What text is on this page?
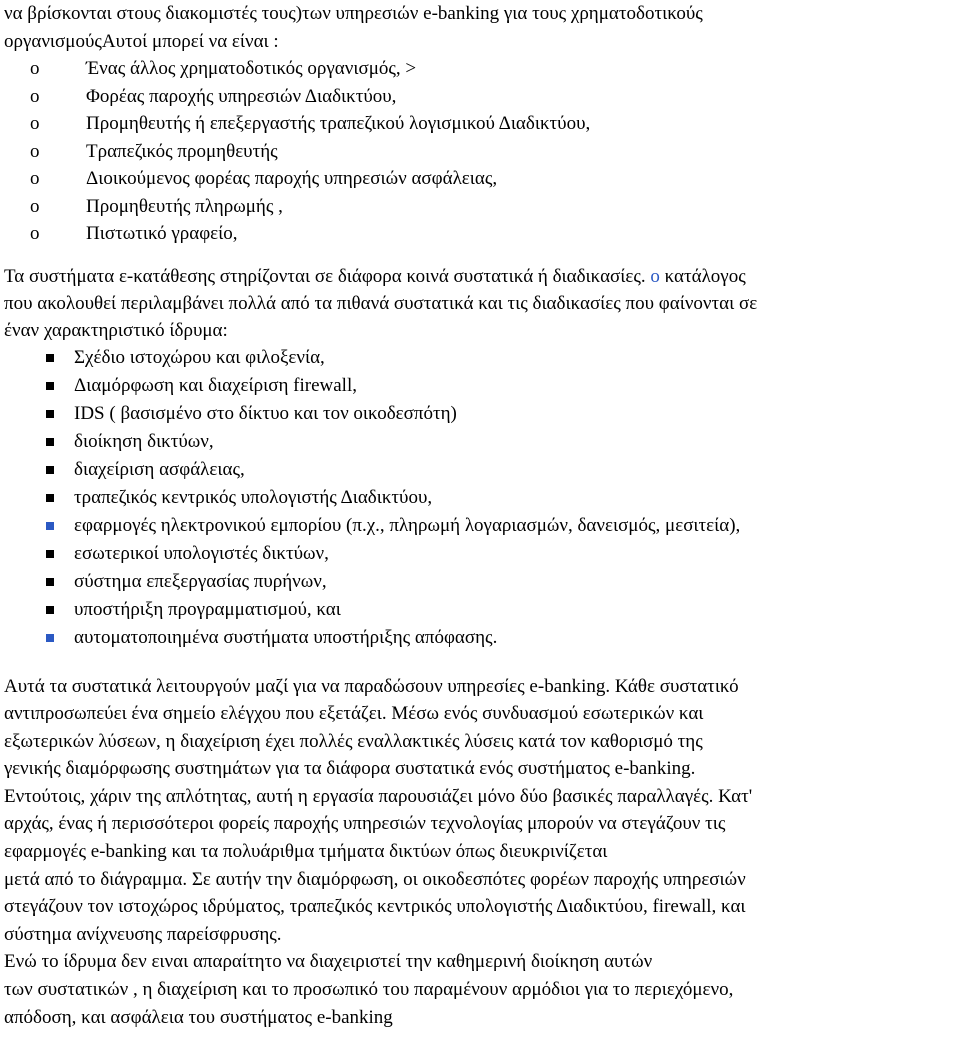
να βρίσκονται στους διακομιστές τους)των υπηρεσιών e-banking για τους χρηματοδοτικούς
οργανισμούςΑυτοί μπορεί να είναι :
o Ένας άλλος χρηματοδοτικός οργανισμός, >
o Φορέας παροχής υπηρεσιών Διαδικτύου,
o Προμηθευτής ή επεξεργαστής τραπεζικού λογισμικού Διαδικτύου,
o Τραπεζικός προμηθευτής
o Διοικούμενος φορέας παροχής υπηρεσιών ασφάλειας,
o Προμηθευτής πληρωμής ,
o Πιστωτικό γραφείο,
Τα συστήματα ε-κατάθεσης στηρίζονται σε διάφορα κοινά συστατικά ή διαδικασίες. ο κατάλογος
που ακολουθεί περιλαμβάνει πολλά από τα πιθανά συστατικά και τις διαδικασίες που φαίνονται σε
έναν χαρακτηριστικό ίδρυμα:
Σχέδιο ιστοχώρου και φιλοξενία,
Διαμόρφωση και διαχείριση firewall,
IDS ( βασισμένο στο δίκτυο και τον οικοδεσπότη)
διοίκηση δικτύων,
διαχείριση ασφάλειας,
τραπεζικός κεντρικός υπολογιστής Διαδικτύου,
εφαρμογές ηλεκτρονικού εμπορίου (π.χ., πληρωμή λογαριασμών, δανεισμός, μεσιτεία),
εσωτερικοί υπολογιστές δικτύων,
σύστημα επεξεργασίας πυρήνων,
υποστήριξη προγραμματισμού, και
αυτοματοποιημένα συστήματα υποστήριξης απόφασης.
Αυτά τα συστατικά λειτουργούν μαζί για να παραδώσουν υπηρεσίες e-banking. Κάθε συστατικό
αντιπροσωπεύει ένα σημείο ελέγχου που εξετάζει. Μέσω ενός συνδυασμού εσωτερικών και
εξωτερικών λύσεων, η διαχείριση έχει πολλές εναλλακτικές λύσεις κατά τον καθορισμό της
γενικής διαμόρφωσης συστημάτων για τα διάφορα συστατικά ενός συστήματος e-banking.
Εντούτοις, χάριν της απλότητας, αυτή η εργασία παρουσιάζει μόνο δύο βασικές παραλλαγές. Κατ'
αρχάς, ένας ή περισσότεροι φορείς παροχής υπηρεσιών τεχνολογίας μπορούν να στεγάζουν τις
εφαρμογές e-banking και τα πολυάριθμα τμήματα δικτύων όπως διευκρινίζεται
μετά από το διάγραμμα. Σε αυτήν την διαμόρφωση, οι οικοδεσπότες φορέων παροχής υπηρεσιών
στεγάζουν τον ιστοχώρος ιδρύματος, τραπεζικός κεντρικός υπολογιστής Διαδικτύου, firewall, και
σύστημα ανίχνευσης παρείσφρυσης.
Ενώ το ίδρυμα δεν ειναι απαραίτητο να διαχειριστεί την καθημερινή διοίκηση αυτών
των συστατικών , η διαχείριση και το προσωπικό του παραμένουν αρμόδιοι για το περιεχόμενο,
απόδοση, και ασφάλεια του συστήματος e-banking
